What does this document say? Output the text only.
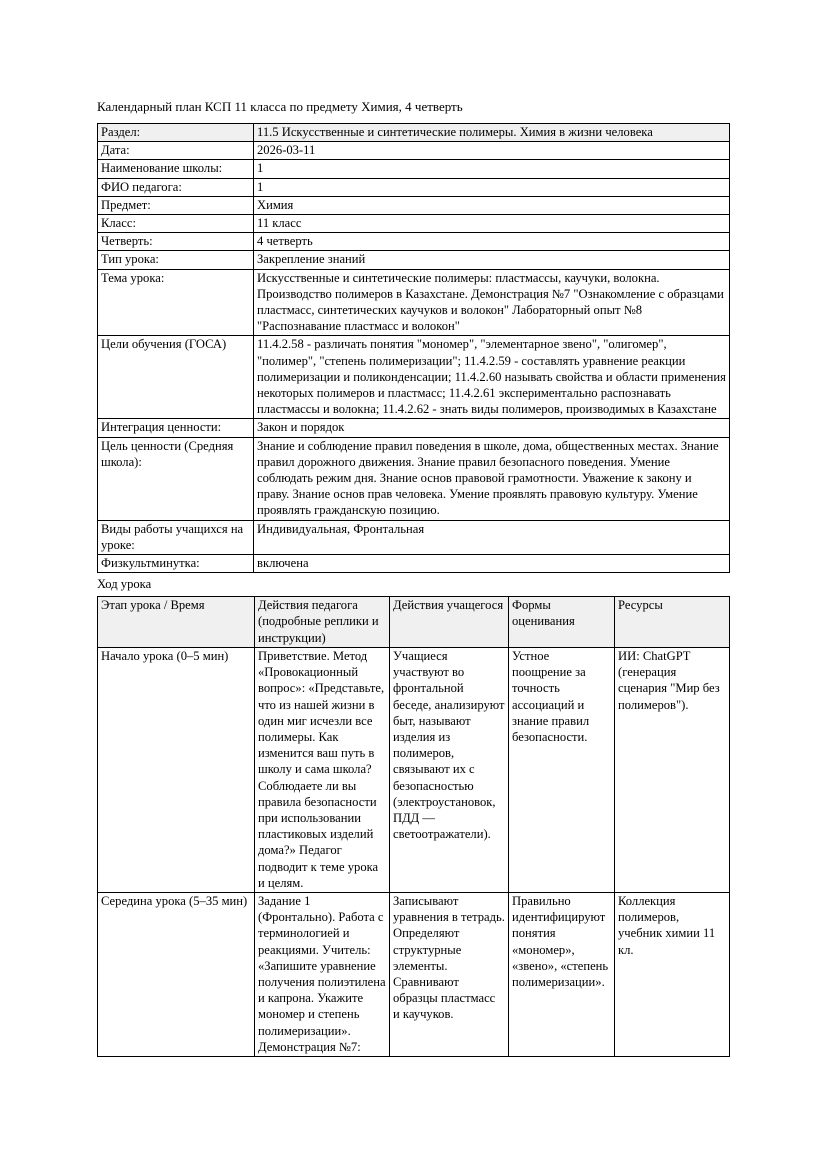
Календарный план КСП 11 класса по предмету Химия, 4 четверть

Раздел:	11.5 Искусственные и синтетические полимеры. Химия в жизни человека
Дата:	2026-03-11
Наименование школы:	1
ФИО педагога:	1
Предмет:	Химия
Класс:	11 класс
Четверть:	4 четверть
Тип урока:	Закрепление знаний
Тема урока:	Искусственные и синтетические полимеры: пластмассы, каучуки, волокна. Производство полимеров в Казахстане. Демонстрация №7 "Ознакомление с образцами пластмасс, синтетических каучуков и волокон" Лабораторный опыт №8 "Распознавание пластмасс и волокон"
Цели обучения (ГОСА)	11.4.2.58 - различать понятия "мономер", "элементарное звено", "олигомер", "полимер", "степень полимеризации"; 11.4.2.59 - составлять уравнение реакции полимеризации и поликонденсации; 11.4.2.60 называть свойства и области применения некоторых полимеров и пластмасс; 11.4.2.61 экспериментально распознавать пластмассы и волокна; 11.4.2.62 - знать виды полимеров, производимых в Казахстане
Интеграция ценности:	Закон и порядок
Цель ценности (Средняя школа):	Знание и соблюдение правил поведения в школе, дома, общественных местах. Знание правил дорожного движения. Знание правил безопасного поведения. Умение соблюдать режим дня. Знание основ правовой грамотности. Уважение к закону и праву. Знание основ прав человека. Умение проявлять правовую культуру. Умение проявлять гражданскую позицию.
Виды работы учащихся на уроке:	Индивидуальная, Фронтальная
Физкультминутка:	включена

Ход урока

Этап урока / Время	Действия педагога (подробные реплики и инструкции)	Действия учащегося	Формы оценивания	Ресурсы
Начало урока (0–5 мин)	Приветствие. Метод «Провокационный вопрос»: «Представьте, что из нашей жизни в один миг исчезли все полимеры. Как изменится ваш путь в школу и сама школа? Соблюдаете ли вы правила безопасности при использовании пластиковых изделий дома?» Педагог подводит к теме урока и целям.	Учащиеся участвуют во фронтальной беседе, анализируют быт, называют изделия из полимеров, связывают их с безопасностью (электроустановок, ПДД — светоотражатели).	Устное поощрение за точность ассоциаций и знание правил безопасности.	ИИ: ChatGPT (генерация сценария "Мир без полимеров").
Середина урока (5–35 мин)	Задание 1 (Фронтально). Работа с терминологией и реакциями. Учитель: «Запишите уравнение получения полиэтилена и капрона. Укажите мономер и степень полимеризации». Демонстрация №7:	Записывают уравнения в тетрадь. Определяют структурные элементы. Сравнивают образцы пластмасс и каучуков.	Правильно идентифицируют понятия «мономер», «звено», «степень полимеризации».	Коллекция полимеров, учебник химии 11 кл.
